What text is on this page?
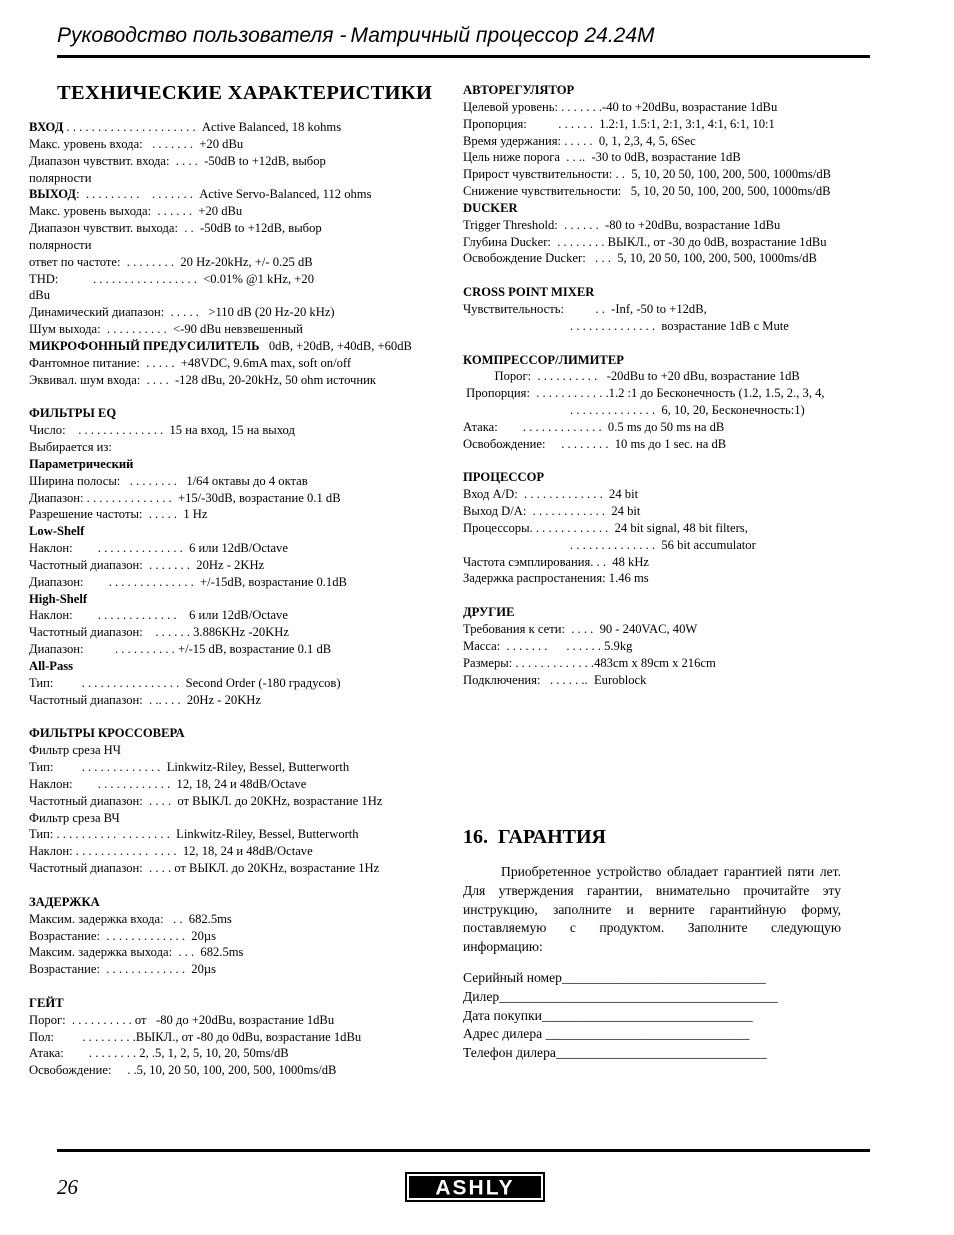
Руководство пользователя - Матричный процессор 24.24M
ТЕХНИЧЕСКИЕ ХАРАКТЕРИСТИКИ
ВХОД . . . . . . . . . . . . . . . . . . . . .  Active Balanced, 18 kohms
Макс. уровень входа:   . . . . . . .  +20 dBu
Диапазон чувствит. входа:  . . . .  -50dB to +12dB, выбор
полярности
ВЫХОД:  . . . . . . . . .    . . . . . . .  Active Servo-Balanced, 112 ohms
Макс. уровень выхода:  . . . . . .  +20 dBu
Диапазон чувствит. выхода:  . .  -50dB to +12dB, выбор
полярности
ответ по частоте:  . . . . . . . .  20 Hz-20kHz, +/- 0.25 dB
THD:           . . . . . . . . . . . . . . . . .  <0.01% @1 kHz, +20
dBu
Динамический диапазон:  . . . . .   >110 dB (20 Hz-20 kHz)
Шум выхода:  . . . . . . . . . .  <-90 dBu невзвешенный
МИКРОФОННЫЙ ПРЕДУСИЛИТЕЛЬ   0dB, +20dB, +40dB, +60dB
Фантомное питание:  . . . . .  +48VDC, 9.6mA max, soft on/off
Эквивал. шум входа:  . . . .  -128 dBu, 20-20kHz, 50 ohm источник
ФИЛЬТРЫ EQ
Число:    . . . . . . . . . . . . . .  15 на вход, 15 на выход
Выбирается из:
Параметрический
Ширина полосы:   . . . . . . . .   1/64 октавы до 4 октав
Диапазон: . . . . . . . . . . . . . .  +15/-30dB, возрастание 0.1 dB
Разрешение частоты:  . . . . .  1 Hz
Low-Shelf
Наклон:        . . . . . . . . . . . . . .  6 или 12dB/Octave
Частотный диапазон:  . . . . . . .  20Hz - 2KHz
Диапазон:        . . . . . . . . . . . . . .  +/-15dB, возрастание 0.1dB
High-Shelf
Наклон:        . . . . . . . . . . . . .    6 или 12dB/Octave
Частотный диапазон:    . . . . . . 3.886KHz -20KHz
Диапазон:          . . . . . . . . . . +/-15 dB, возрастание 0.1 dB
All-Pass
Тип:         . . . . . . . . . . . . . . . .  Second Order (-180 градусов)
Частотный диапазон:  . .. . . .  20Hz - 20KHz
ФИЛЬТРЫ КРОССОВЕРА
Фильтр среза НЧ
Тип:         . . . . . . . . . . . . .  Linkwitz-Riley, Bessel, Butterworth
Наклон:        . . . . . . . . . . . .  12, 18, 24 и 48dB/Octave
Частотный диапазон:  . . . .  от ВЫКЛ. до 20KHz, возрастание 1Hz
Фильтр среза ВЧ
Тип: . . . . . . . . . .  . . . . . . . .  Linkwitz-Riley, Bessel, Butterworth
Наклон: . . . . . . . . . . . .  . . . .  12, 18, 24 и 48dB/Octave
Частотный диапазон:  . . . . от ВЫКЛ. до 20KHz, возрастание 1Hz
ЗАДЕРЖКА
Максим. задержка входа:   . .  682.5ms
Возрастание:  . . . . . . . . . . . . .  20µs
Максим. задержка выхода:  . . .  682.5ms
Возрастание:  . . . . . . . . . . . . .  20µs
ГЕЙТ
Порог:  . . . . . . . . . . от   -80 до +20dBu, возрастание 1dBu
Пол:         . . . . . . . . .ВЫКЛ., от -80 до 0dBu, возрастание 1dBu
Атака:        . . . . . . . . 2, .5, 1, 2, 5, 10, 20, 50ms/dB
Освобождение:     . .5, 10, 20 50, 100, 200, 500, 1000ms/dB
АВТОРЕГУЛЯТОР
Целевой уровень: . . . . . . .-40 to +20dBu, возрастание 1dBu
Пропорция:          . . . . . .  1.2:1, 1.5:1, 2:1, 3:1, 4:1, 6:1, 10:1
Время удержания: . . . . .  0, 1, 2,3, 4, 5, 6Sec
Цель ниже порога  . . ..  -30 to 0dB, возрастание 1dB
Прирост чувствительности: . .  5, 10, 20 50, 100, 200, 500, 1000ms/dB
Снижение чувствительности:   5, 10, 20 50, 100, 200, 500, 1000ms/dB
DUCKER
Trigger Threshold:  . . . . . .  -80 to +20dBu, возрастание 1dBu
Глубина Ducker:  . . . . . . . . ВЫКЛ., от -30 до 0dB, возрастание 1dBu
Освобождение Ducker:   . . .  5, 10, 20 50, 100, 200, 500, 1000ms/dB
CROSS POINT MIXER
Чувствительность:          . .  -Inf, -50 to +12dB,
. . . . . . . . . . . . . .  возрастание 1dB с Mute
КОМПРЕССОР/ЛИМИТЕР
Порог:  . . . . . . . . . .   -20dBu to +20 dBu, возрастание 1dB
Пропорция:  . . . . . . . . . . . .1.2 :1 до Бесконечность (1.2, 1.5, 2., 3, 4,
. . . . . . . . . . . . . .  6, 10, 20, Бесконечность:1)
Атака:        . . . . . . . . . . . . .  0.5 ms до 50 ms на dB
Освобождение:     . . . . . . . .  10 ms до 1 sec. на dB
ПРОЦЕССОР
Вход A/D:  . . . . . . . . . . . . .  24 bit
Выход D/A:  . . . . . . . . . . . .  24 bit
Процессоры. . . . . . . . . . . . .  24 bit signal, 48 bit filters,
. . . . . . . . . . . . . .  56 bit accumulator
Частота сэмплирования. . .  48 kHz
Задержка распростанения: 1.46 ms
ДРУГИЕ
Требования к сети:  . . . .  90 - 240VAC, 40W
Масса:  . . . . . . .      . . . . . . 5.9kg
Размеры: . . . . . . . . . . . . .483cm x 89cm x 216cm
Подключения:   . . . . . ..  Euroblock
16. ГАРАНТИЯ
Приобретенное устройство обладает гарантией пяти лет. Для утверждения гарантии, внимательно прочитайте эту инструкцию, заполните и верните гарантийную форму, поставляемую с продуктом. Заполните следующую информацию:
Серийный номер______________________________
Дилер_________________________________________
Дата покупки_______________________________
Адрес дилера ______________________________
Телефон дилера_______________________________
26	ASHLY
